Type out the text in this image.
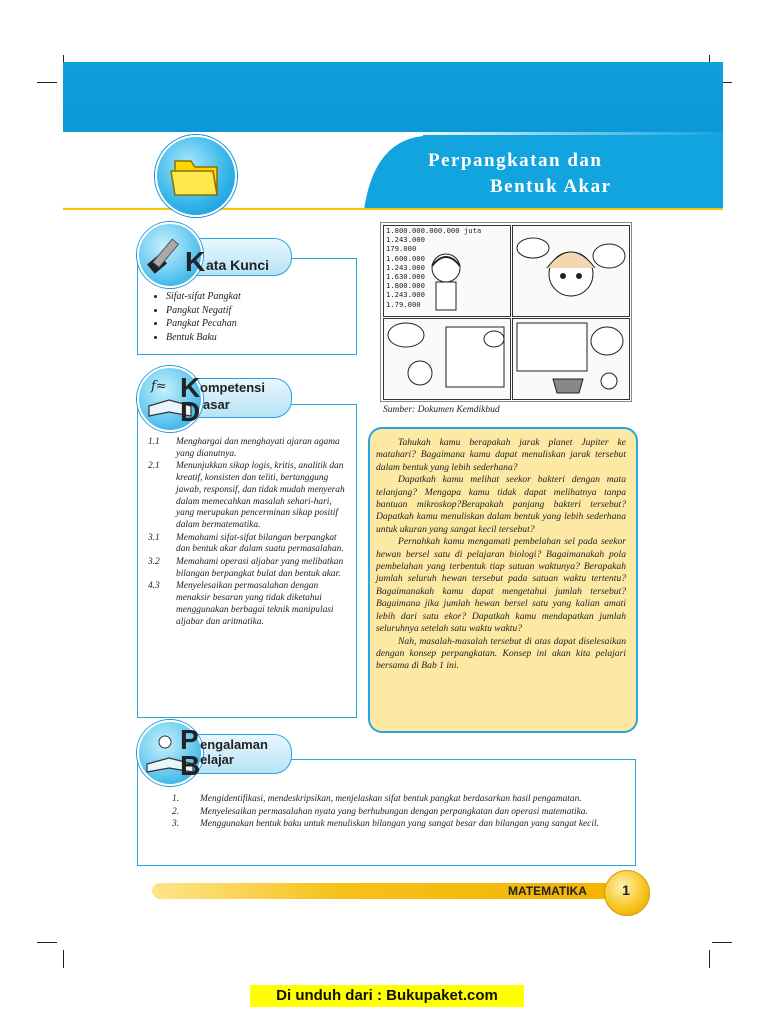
Bab I	Perpangkatan dan
Bentuk Akar
K ata Kunci
• Sifat-sifat Pangkat
• Pangkat Negatif
• Pangkat Pecahan
• Bentuk Baku
f≈ K ompetensi
D asar
1.1	Menghargai dan menghayati ajaran agama yang dianutnya.
2.1	Menunjukkan sikap logis, kritis, analitik dan kreatif, konsisten dan teliti, bertanggung jawab, responsif, dan tidak mudah menyerah dalam memecahkan masalah sehari-hari, yang merupakan pencerminan sikap positif dalam bermatematika.
3.1	Memahami sifat-sifat bilangan berpangkat dan bentuk akar dalam suatu permasalahan.
3.2	Memahami operasi aljabar yang melibatkan bilangan berpangkat bulat dan bentuk akar.
4.3	Menyelesaikan permasalahan dengan menaksir besaran yang tidak diketahui menggunakan berbagai teknik manipulasi aljabar dan aritmatika.
1.800.000.000.000 juta
1.243.000
179.000
1.600.000
1.243.000
1.630.000
1.800.000
1.243.000
1.79.000
Sumber: Dokumen Kemdikbud

Tahukah kamu berapakah jarak planet Jupiter ke matahari? Bagaimana kamu dapat menuliskan jarak tersebut dalam bentuk yang lebih sederhana?

Dapatkah kamu melihat seekor bakteri dengan mata telanjang? Mengapa kamu tidak dapat melihatnya tanpa bantuan mikroskop?Berapakah panjang bakteri tersebut?Dapatkah kamu menuliskan dalam bentuk yang lebih sederhana untuk ukuran yang sangat kecil tersebut?

Pernahkah kamu mengamati pembelahan sel pada seekor hewan bersel satu di pelajaran biologi? Bagaimanakah pola pembelahan yang terbentuk tiap satuan waktunya? Berapakah jumlah seluruh hewan tersebut pada satuan waktu tertentu? Bagaimanakah kamu dapat mengetahui jumlah tersebut? Bagaimana jika jumlah hewan bersel satu yang kalian amati lebih dari satu ekor? Dapatkah kamu mendapatkan jumlah seluruhnya setelah satu waktu waktu?

Nah, masalah-masalah tersebut di atas dapat diselesaikan dengan konsep perpangkatan. Konsep ini akan kita pelajari bersama di Bab 1 ini.

P engalaman
B elajar
1.	Mengidentifikasi, mendeskripsikan, menjelaskan sifat bentuk pangkat berdasarkan hasil pengamatan.
2.	Menyelesaikan permasalahan nyata yang berhubungan dengan perpangkatan dan operasi matematika.
3.	Menggunakan bentuk baku untuk menuliskan bilangan yang sangat besar dan bilangan yang sangat kecil.
MATEMATIKA	1
Di unduh dari : Bukupaket.com
